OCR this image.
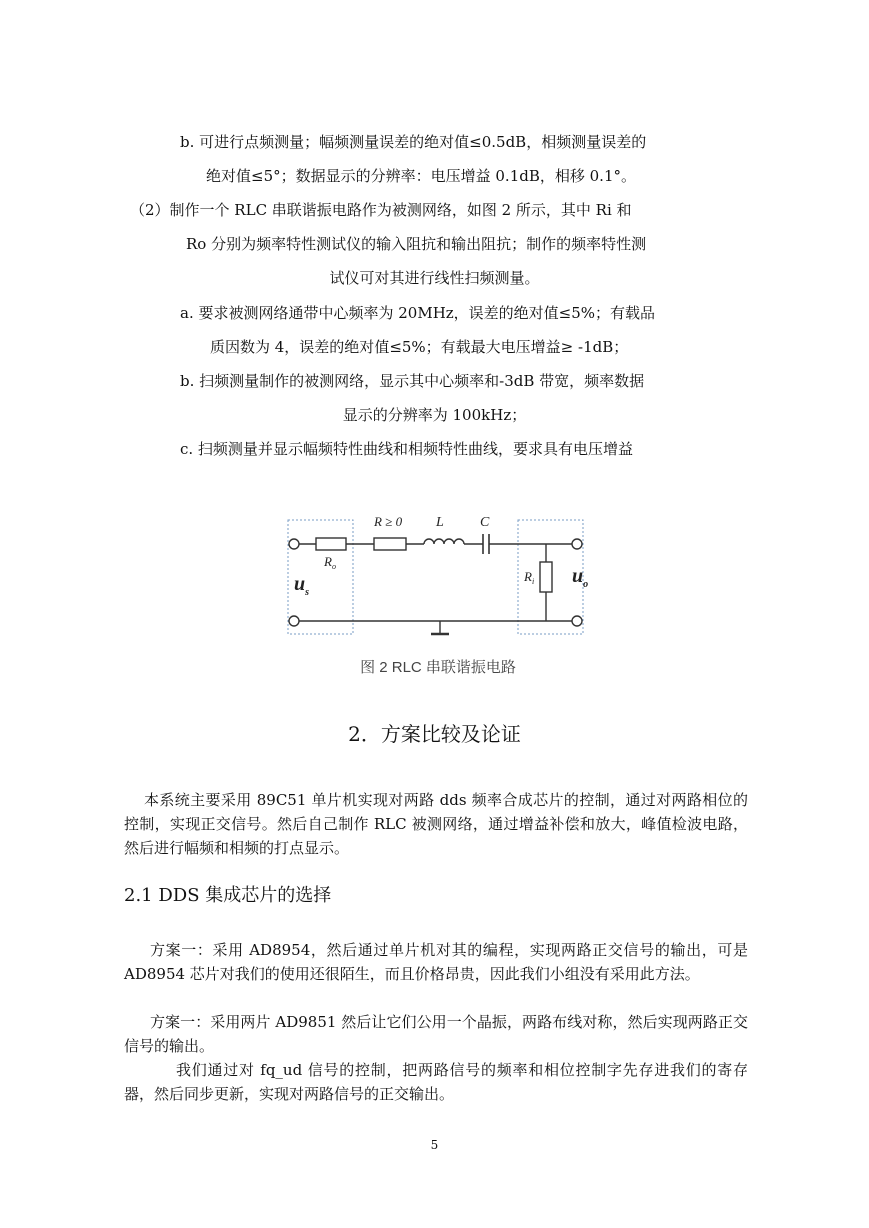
b. 可进行点频测量；幅频测量误差的绝对值≤0.5dB，相频测量误差的
绝对值≤5°；数据显示的分辨率：电压增益 0.1dB，相移 0.1°。
（2）制作一个 RLC 串联谐振电路作为被测网络，如图 2 所示，其中 Ri 和
Ro 分别为频率特性测试仪的输入阻抗和输出阻抗；制作的频率特性测
试仪可对其进行线性扫频测量。
a. 要求被测网络通带中心频率为 20MHz，误差的绝对值≤5%；有载品
质因数为 4，误差的绝对值≤5%；有载最大电压增益≥ -1dB；
b. 扫频测量制作的被测网络，显示其中心频率和-3dB 带宽，频率数据
显示的分辨率为 100kHz；
c. 扫频测量并显示幅频特性曲线和相频特性曲线，要求具有电压增益
R ≥ 0 L	C
$R_o$
$R_i$
$u_s$
$u_o$
图 2 RLC 串联谐振电路
2．方案比较及论证
本系统主要采用 89C51 单片机实现对两路 dds 频率合成芯片的控制，通过对两路相位的控制，实现正交信号。然后自己制作 RLC 被测网络，通过增益补偿和放大，峰值检波电路，然后进行幅频和相频的打点显示。
2.1 DDS 集成芯片的选择
方案一：采用 AD8954，然后通过单片机对其的编程，实现两路正交信号的输出，可是 AD8954 芯片对我们的使用还很陌生，而且价格昂贵，因此我们小组没有采用此方法。
方案一：采用两片 AD9851 然后让它们公用一个晶振，两路布线对称，然后实现两路正交信号的输出。
我们通过对 fq_ud 信号的控制，把两路信号的频率和相位控制字先存进我们的寄存器，然后同步更新，实现对两路信号的正交输出。
5
